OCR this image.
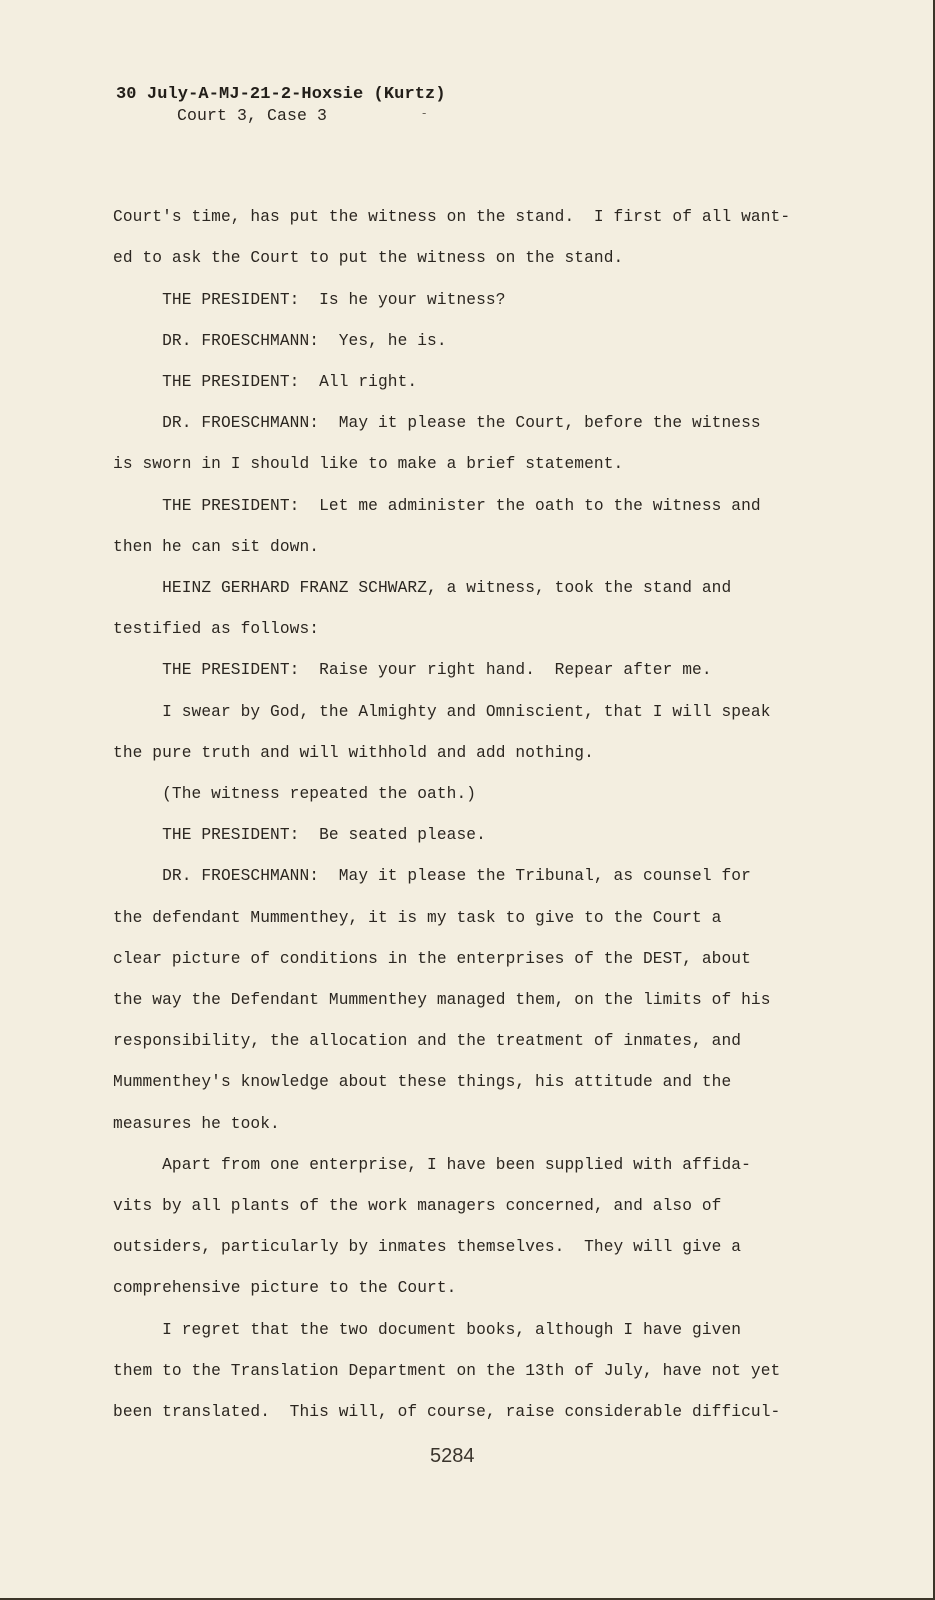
30 July-A-MJ-21-2-Hoxsie (Kurtz)
Court 3, Case 3	-

Court's time, has put the witness on the stand.  I first of all want-

ed to ask the Court to put the witness on the stand.

THE PRESIDENT:  Is he your witness?

DR. FROESCHMANN:  Yes, he is.

THE PRESIDENT:  All right.

DR. FROESCHMANN:  May it please the Court, before the witness

is sworn in I should like to make a brief statement.

THE PRESIDENT:  Let me administer the oath to the witness and

then he can sit down.

HEINZ GERHARD FRANZ SCHWARZ, a witness, took the stand and

testified as follows:

THE PRESIDENT:  Raise your right hand.  Repear after me.

I swear by God, the Almighty and Omniscient, that I will speak

the pure truth and will withhold and add nothing.

(The witness repeated the oath.)

THE PRESIDENT:  Be seated please.

DR. FROESCHMANN:  May it please the Tribunal, as counsel for

the defendant Mummenthey, it is my task to give to the Court a

clear picture of conditions in the enterprises of the DEST, about

the way the Defendant Mummenthey managed them, on the limits of his

responsibility, the allocation and the treatment of inmates, and

Mummenthey's knowledge about these things, his attitude and the

measures he took.

Apart from one enterprise, I have been supplied with affida-

vits by all plants of the work managers concerned, and also of

outsiders, particularly by inmates themselves.  They will give a

comprehensive picture to the Court.

I regret that the two document books, although I have given

them to the Translation Department on the 13th of July, have not yet

been translated.  This will, of course, raise considerable difficul-

5284
